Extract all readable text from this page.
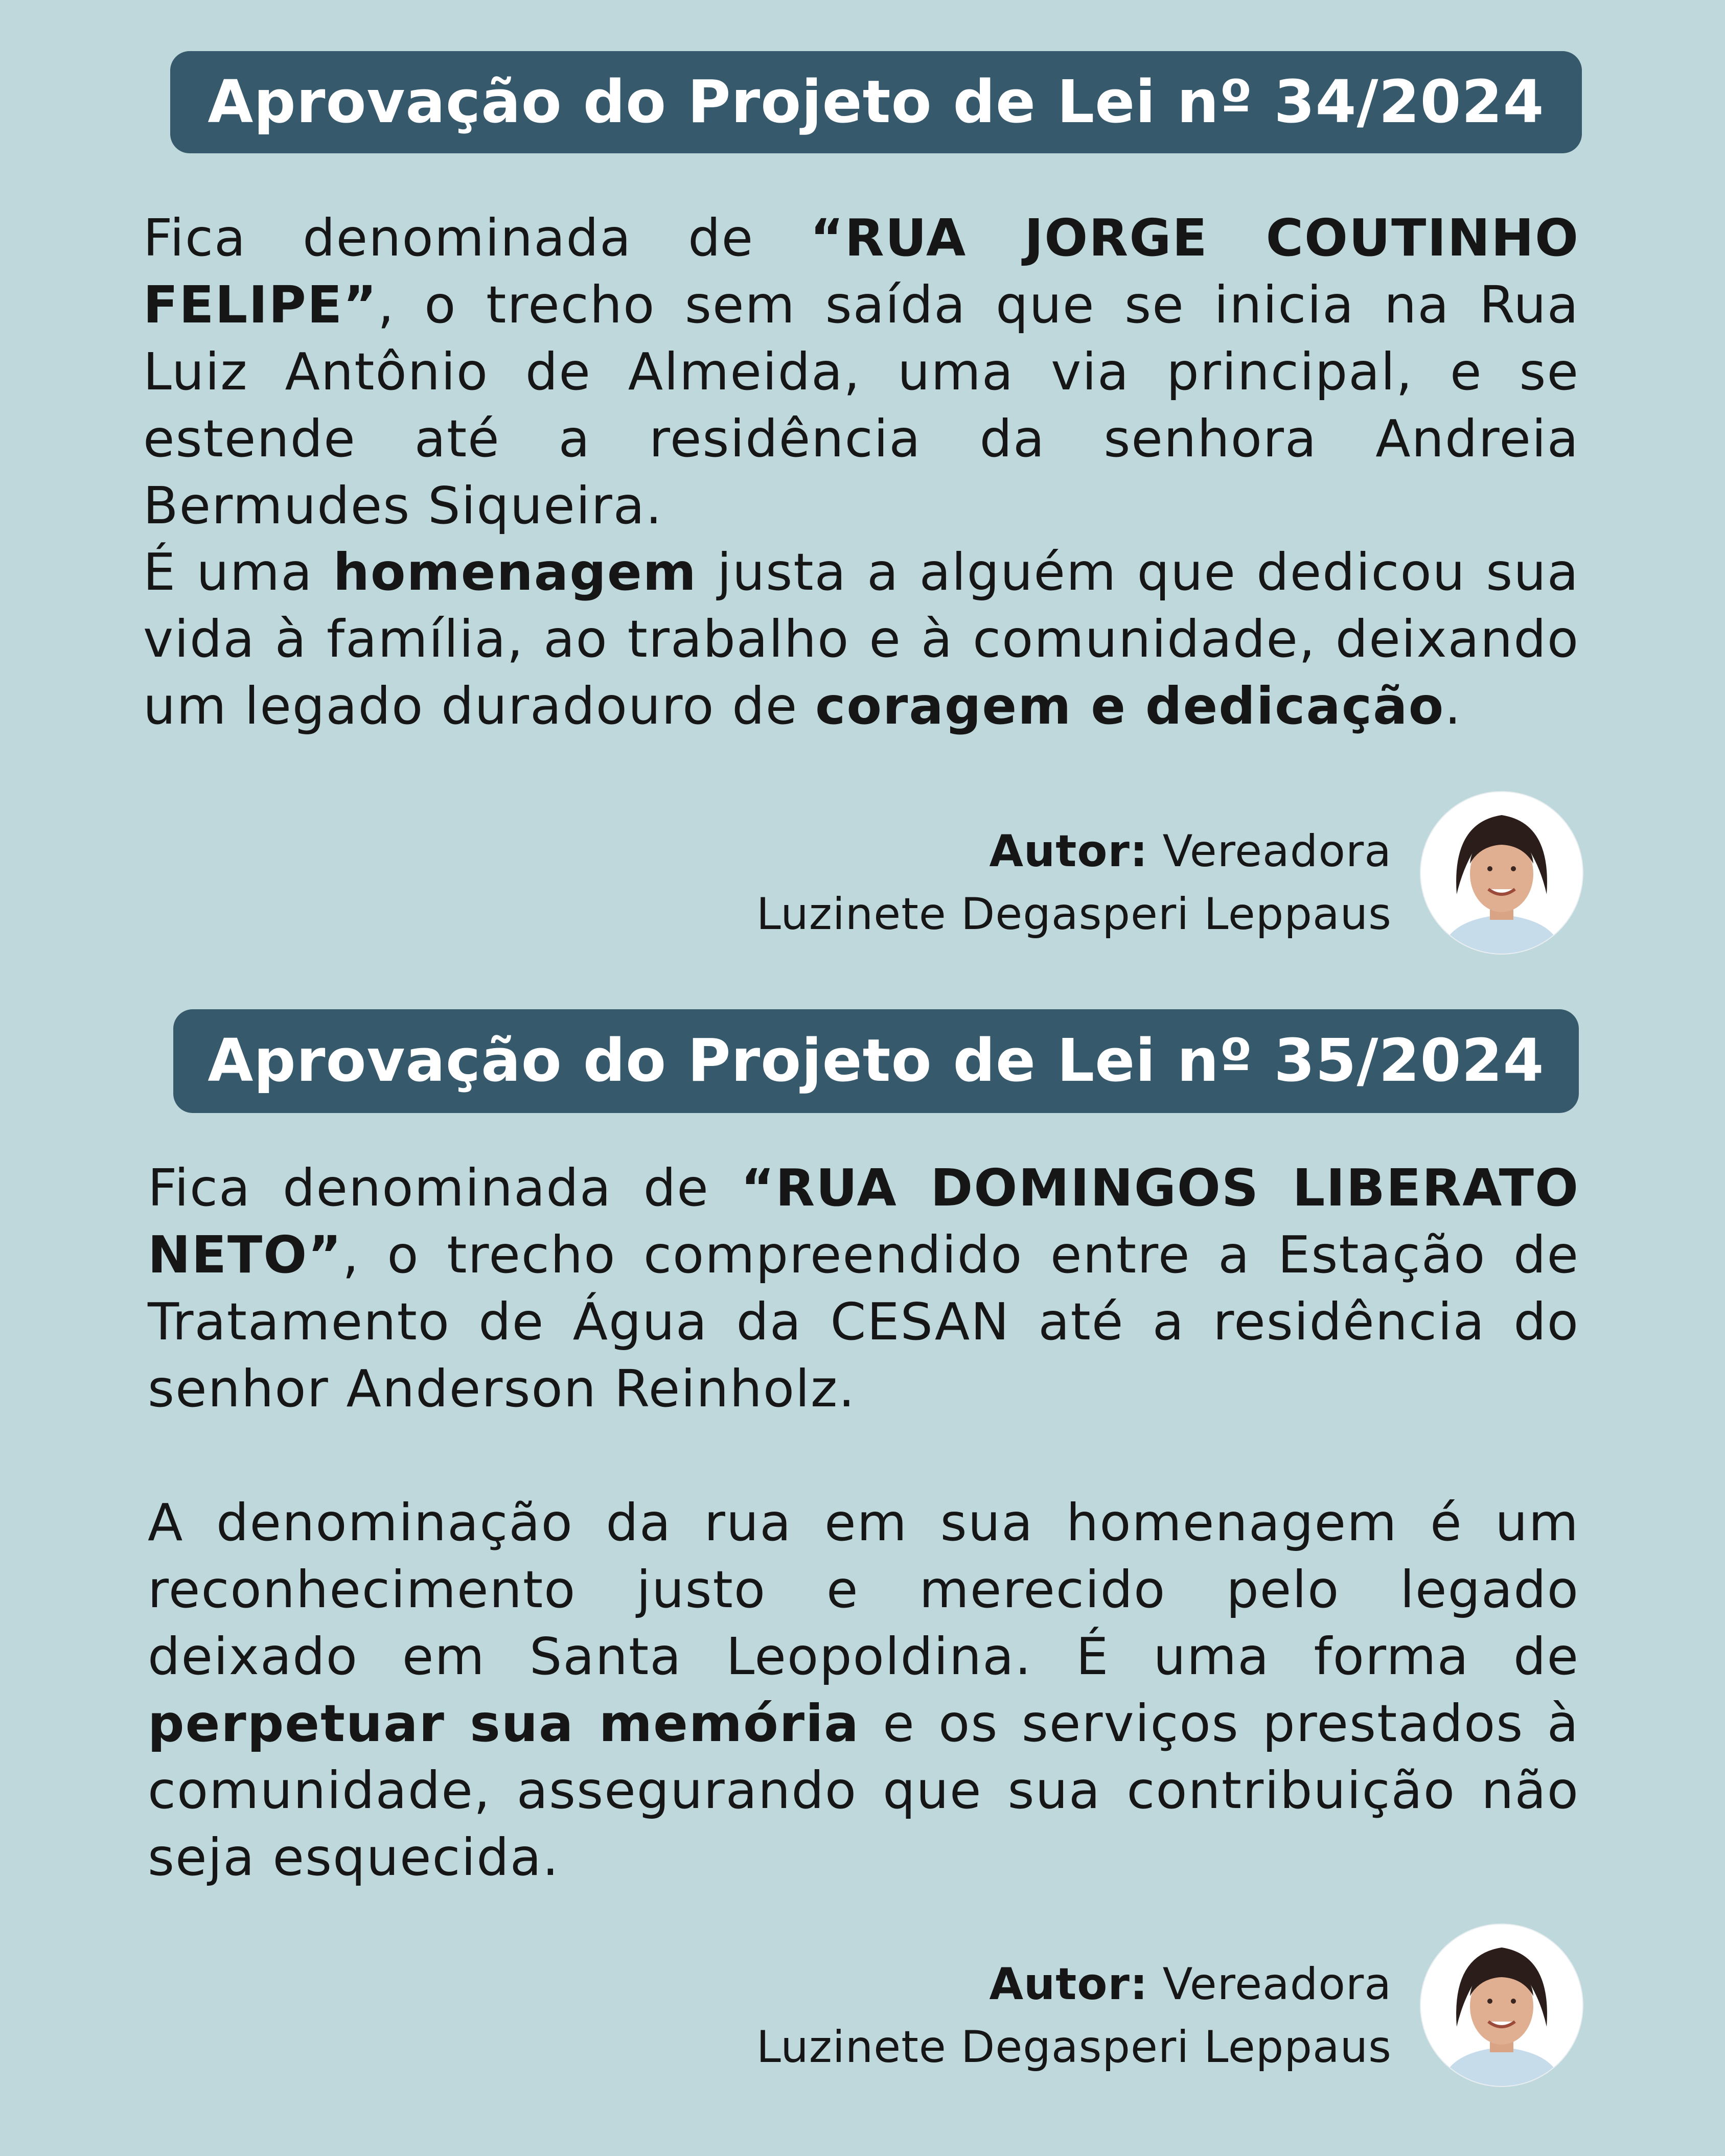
Aprovação do Projeto de Lei nº 34/2024
Fica denominada de “RUA JORGE COUTINHO FELIPE”, o trecho sem saída que se inicia na Rua Luiz Antônio de Almeida, uma via principal, e se estende até a residência da senhora Andreia Bermudes Siqueira.
É uma homenagem justa a alguém que dedicou sua vida à família, ao trabalho e à comunidade, deixando um legado duradouro de coragem e dedicação.
Autor: Vereadora
Luzinete Degasperi Leppaus
Aprovação do Projeto de Lei nº 35/2024
Fica denominada de “RUA DOMINGOS LIBERATO NETO”, o trecho compreendido entre a Estação de Tratamento de Água da CESAN até a residência do senhor Anderson Reinholz.
A denominação da rua em sua homenagem é um reconhecimento justo e merecido pelo legado deixado em Santa Leopoldina. É uma forma de perpetuar sua memória e os serviços prestados à comunidade, assegurando que sua contribuição não seja esquecida.
Autor: Vereadora
Luzinete Degasperi Leppaus
